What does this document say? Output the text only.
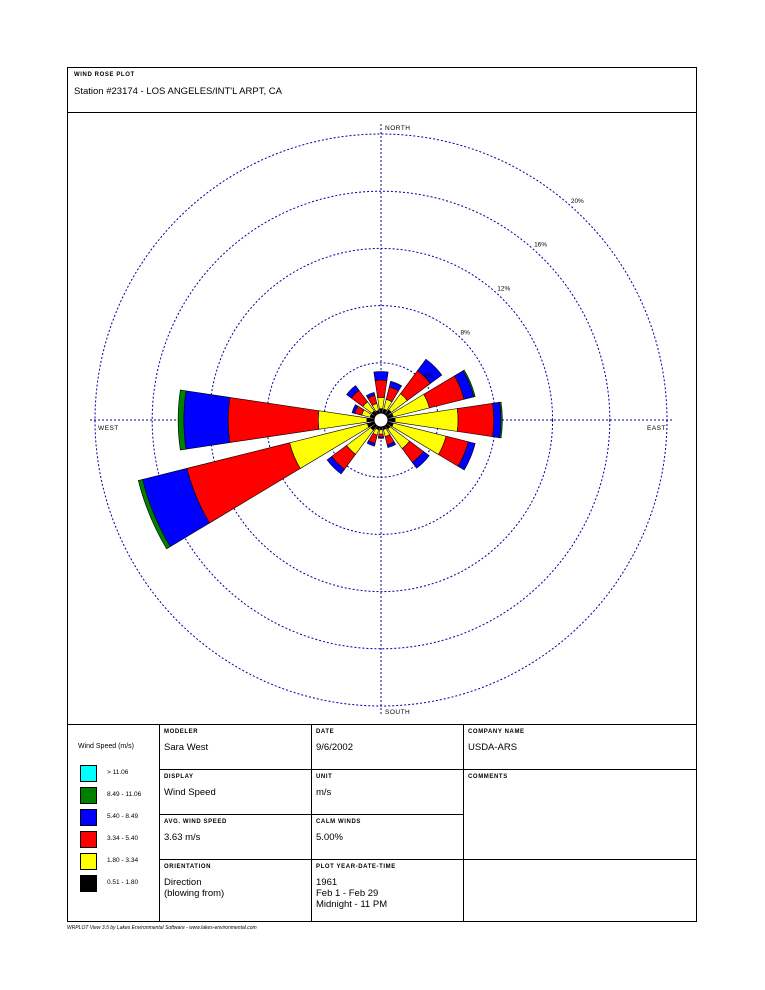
WIND ROSE PLOT
Station #23174 - LOS ANGELES/INT'L ARPT, CA
4%
8%
12%
16%
20%
NORTH
SOUTH
EAST
WEST
Wind Speed (m/s)
> 11.06
8.49 - 11.06
5.40 - 8.49
3.34 - 5.40
1.80 - 3.34
0.51 - 1.80
MODELER
Sara West
DATE
9/6/2002
COMPANY NAME
USDA-ARS
DISPLAY
Wind Speed
UNIT
m/s
COMMENTS
AVG. WIND SPEED
3.63 m/s
CALM WINDS
5.00%
ORIENTATION
Direction
(blowing from)
PLOT YEAR-DATE-TIME
1961
Feb 1 - Feb 29
Midnight - 11 PM
WRPLOT View 3.5 by Lakes Environmental Software - www.lakes-environmental.com
